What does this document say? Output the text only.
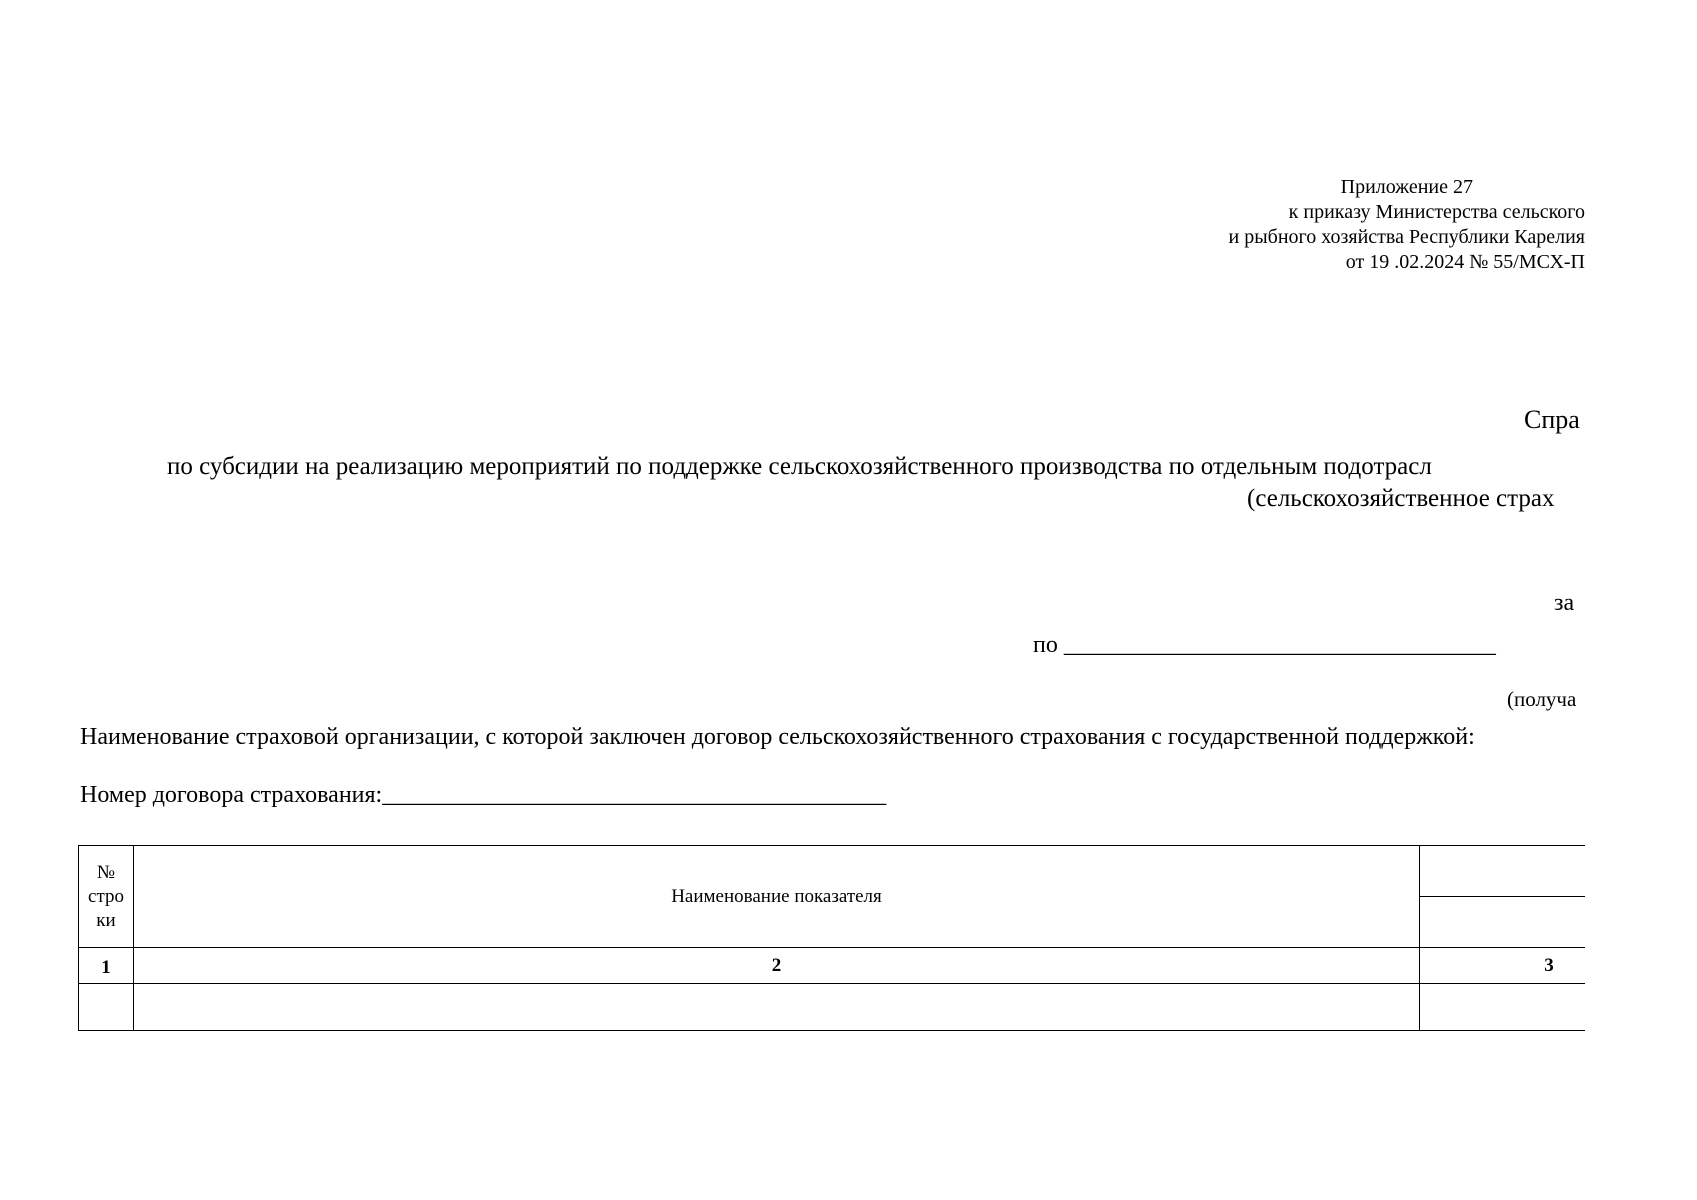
Приложение 27
к приказу Министерства сельского
и рыбного хозяйства Республики Карелия
от 19 .02.2024 № 55/МСХ-П
Спра
по субсидии на реализацию мероприятий по поддержке сельскохозяйственного производства по отдельным подотрасл
(сельскохозяйственное страх
за
по ____________________________________
(получа
Наименование страховой организации, с которой заключен договор сельскохозяйственного страхования с государственной поддержкой:
Номер договора страхования:__________________________________________
№
стро
ки	Наименование показателя	

1	2	3
